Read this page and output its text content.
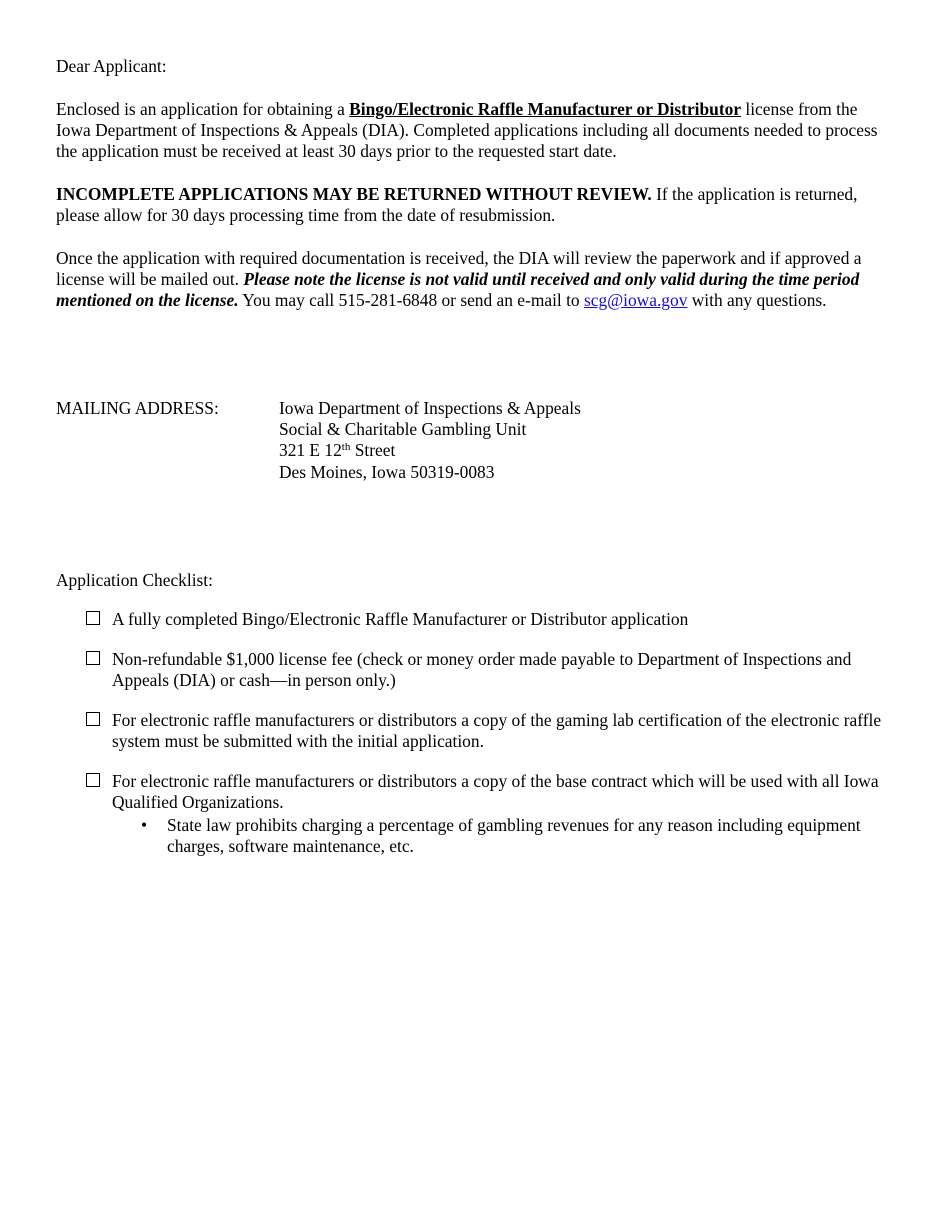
Dear Applicant:

Enclosed is an application for obtaining a Bingo/Electronic Raffle Manufacturer or Distributor license from the Iowa Department of Inspections & Appeals (DIA). Completed applications including all documents needed to process the application must be received at least 30 days prior to the requested start date.

INCOMPLETE APPLICATIONS MAY BE RETURNED WITHOUT REVIEW. If the application is returned, please allow for 30 days processing time from the date of resubmission.

Once the application with required documentation is received, the DIA will review the paperwork and if approved a license will be mailed out. Please note the license is not valid until received and only valid during the time period mentioned on the license. You may call 515-281-6848 or send an e-mail to scg@iowa.gov with any questions.

MAILING ADDRESS:	Iowa Department of Inspections & Appeals
Social & Charitable Gambling Unit
321 E 12th Street
Des Moines, Iowa 50319-0083

Application Checklist:

A fully completed Bingo/Electronic Raffle Manufacturer or Distributor application
Non-refundable $1,000 license fee (check or money order made payable to Department of Inspections and Appeals (DIA) or cash—in person only.)
For electronic raffle manufacturers or distributors a copy of the gaming lab certification of the electronic raffle system must be submitted with the initial application.
For electronic raffle manufacturers or distributors a copy of the base contract which will be used with all Iowa Qualified Organizations.
• State law prohibits charging a percentage of gambling revenues for any reason including equipment charges, software maintenance, etc.
